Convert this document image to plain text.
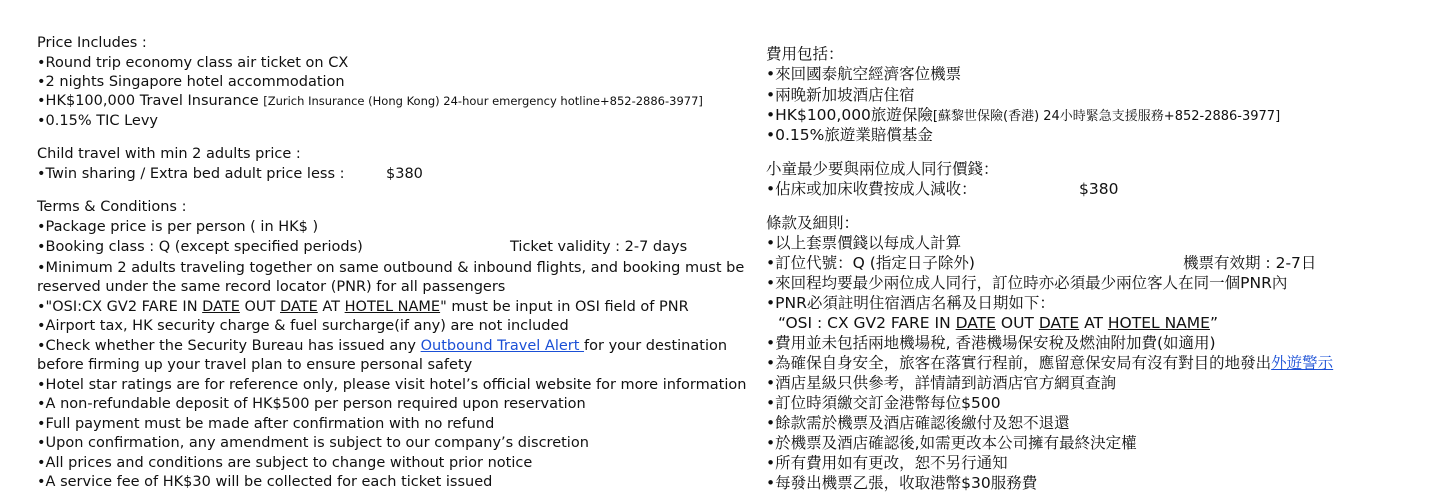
Price Includes :
•Round trip economy class air ticket on CX
•2 nights Singapore hotel accommodation
•HK$100,000 Travel Insurance [Zurich Insurance (Hong Kong) 24-hour emergency hotline+852-2886-3977]
•0.15% TIC Levy
Child travel with min 2 adults price :
•Twin sharing / Extra bed adult price less :	$380
Terms & Conditions :
•Package price is per person ( in HK$ )
•Booking class : Q (except specified periods)	Ticket validity : 2-7 days
•Minimum 2 adults traveling together on same outbound & inbound flights, and booking must be
reserved under the same record locator (PNR) for all passengers
•"OSI:CX GV2 FARE IN DATE OUT DATE AT HOTEL NAME" must be input in OSI field of PNR
•Airport tax, HK security charge & fuel surcharge(if any) are not included
•Check whether the Security Bureau has issued any Outbound Travel Alert for your destination
before firming up your travel plan to ensure personal safety
•Hotel star ratings are for reference only, please visit hotel’s official website for more information
•A non-refundable deposit of HK$500 per person required upon reservation
•Full payment must be made after confirmation with no refund
•Upon confirmation, any amendment is subject to our company’s discretion
•All prices and conditions are subject to change without prior notice
•A service fee of HK$30 will be collected for each ticket issued
費用包括：
•來回國泰航空經濟客位機票
•兩晚新加坡酒店住宿
•HK$100,000旅遊保險[蘇黎世保險(香港) 24小時緊急支援服務+852-2886-3977]
•0.15%旅遊業賠償基金
小童最少要與兩位成人同行價錢：
•佔床或加床收費按成人減收：	$380
條款及細則：
•以上套票價錢以每成人計算
•訂位代號：Q (指定日子除外)	機票有效期 : 2-7日
•來回程均要最少兩位成人同行，訂位時亦必須最少兩位客人在同一個PNR內
•PNR必須註明住宿酒店名稱及日期如下：
“OSI : CX GV2 FARE IN DATE OUT DATE AT HOTEL NAME”
•費用並未包括兩地機場稅, 香港機場保安稅及燃油附加費(如適用)
•為確保自身安全，旅客在落實行程前，應留意保安局有沒有對目的地發出外遊警示
•酒店星級只供參考，詳情請到訪酒店官方網頁查詢
•訂位時須繳交訂金港幣每位$500
•餘款需於機票及酒店確認後繳付及恕不退還
•於機票及酒店確認後,如需更改本公司擁有最終決定權
•所有費用如有更改，恕不另行通知
•每發出機票乙張，收取港幣$30服務費
